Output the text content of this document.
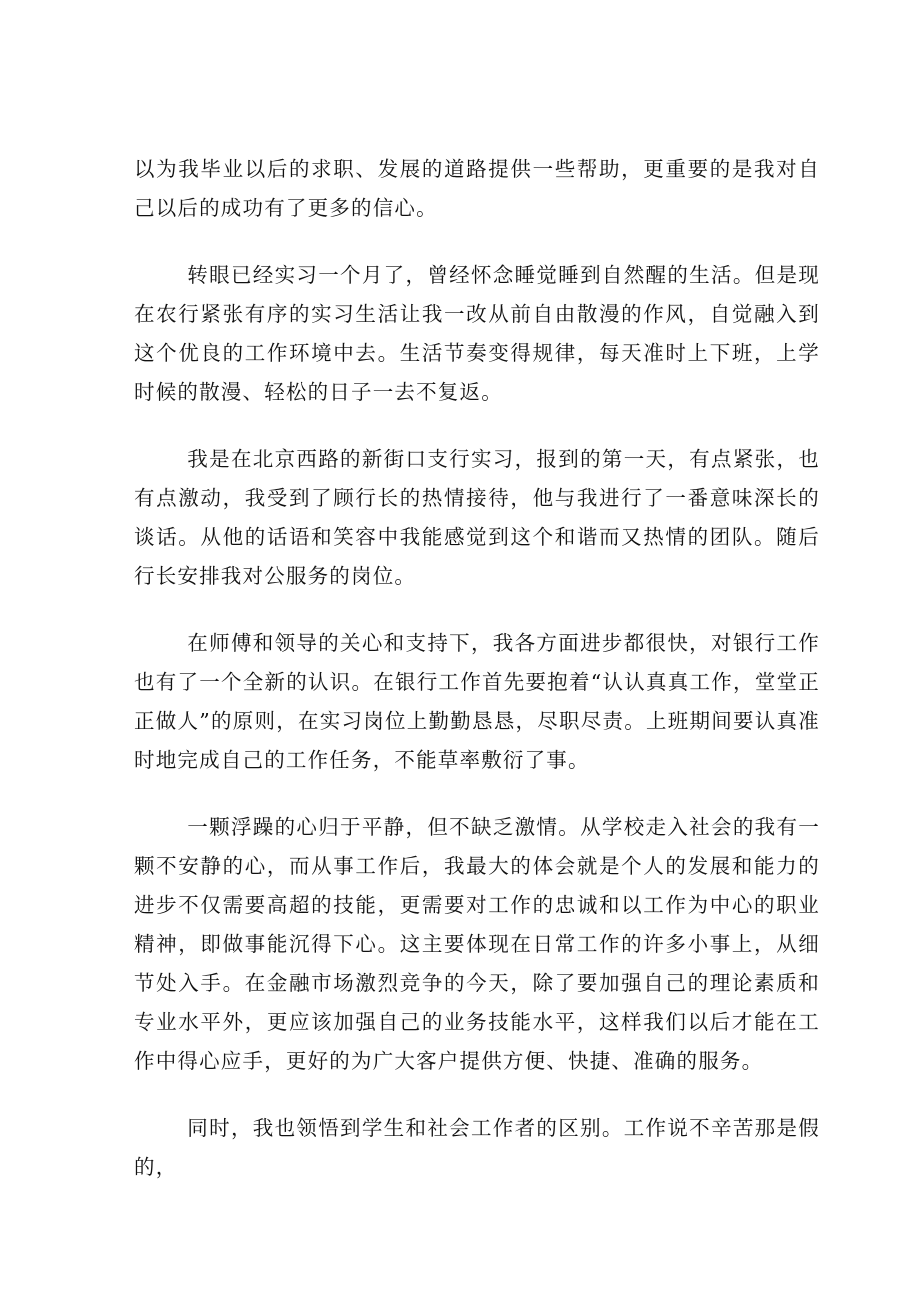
以为我毕业以后的求职、发展的道路提供一些帮助，更重要的是我对自己以后的成功有了更多的信心。

转眼已经实习一个月了，曾经怀念睡觉睡到自然醒的生活。但是现在农行紧张有序的实习生活让我一改从前自由散漫的作风，自觉融入到这个优良的工作环境中去。生活节奏变得规律，每天准时上下班，上学时候的散漫、轻松的日子一去不复返。

我是在北京西路的新街口支行实习，报到的第一天，有点紧张，也有点激动，我受到了顾行长的热情接待，他与我进行了一番意味深长的谈话。从他的话语和笑容中我能感觉到这个和谐而又热情的团队。随后行长安排我对公服务的岗位。

在师傅和领导的关心和支持下，我各方面进步都很快，对银行工作也有了一个全新的认识。在银行工作首先要抱着“认认真真工作，堂堂正正做人”的原则，在实习岗位上勤勤恳恳，尽职尽责。上班期间要认真准时地完成自己的工作任务，不能草率敷衍了事。

一颗浮躁的心归于平静，但不缺乏激情。从学校走入社会的我有一颗不安静的心，而从事工作后，我最大的体会就是个人的发展和能力的进步不仅需要高超的技能，更需要对工作的忠诚和以工作为中心的职业精神，即做事能沉得下心。这主要体现在日常工作的许多小事上，从细节处入手。在金融市场激烈竞争的今天，除了要加强自己的理论素质和专业水平外，更应该加强自己的业务技能水平，这样我们以后才能在工作中得心应手，更好的为广大客户提供方便、快捷、准确的服务。

同时，我也领悟到学生和社会工作者的区别。工作说不辛苦那是假的，
